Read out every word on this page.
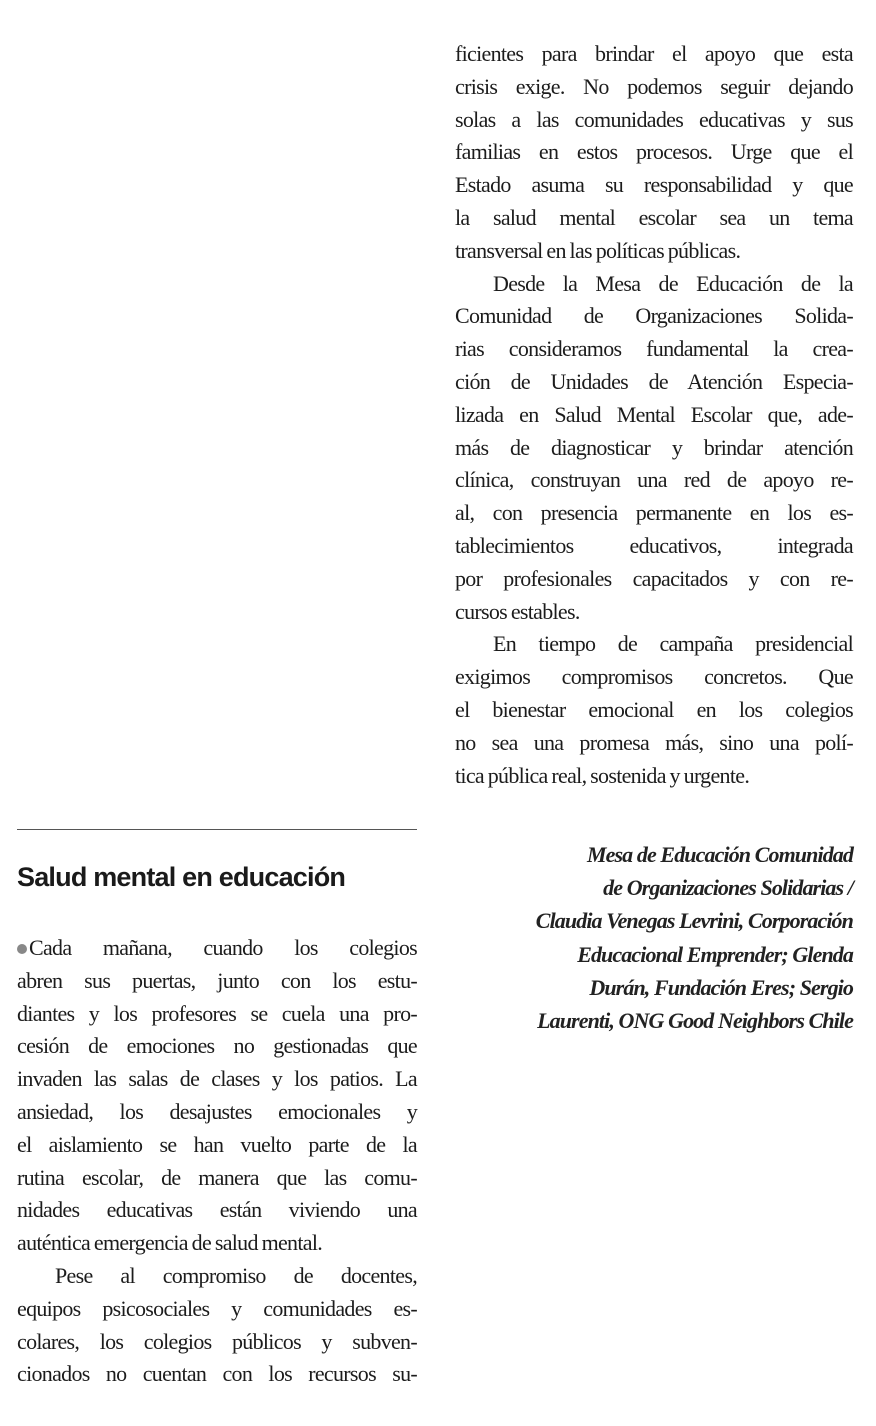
ficientes para brindar el apoyo que esta
crisis exige. No podemos seguir dejando
solas a las comunidades educativas y sus
familias en estos procesos. Urge que el
Estado asuma su responsabilidad y que
la salud mental escolar sea un tema
transversal en las políticas públicas.
Desde la Mesa de Educación de la
Comunidad de Organizaciones Solida-
rias consideramos fundamental la crea-
ción de Unidades de Atención Especia-
lizada en Salud Mental Escolar que, ade-
más de diagnosticar y brindar atención
clínica, construyan una red de apoyo re-
al, con presencia permanente en los es-
tablecimientos educativos, integrada
por profesionales capacitados y con re-
cursos estables.
En tiempo de campaña presidencial
exigimos compromisos concretos. Que
el bienestar emocional en los colegios
no sea una promesa más, sino una polí-
tica pública real, sostenida y urgente.
Salud mental en educación
Mesa de Educación Comunidad
de Organizaciones Solidarias /
Claudia Venegas Levrini, Corporación
Educacional Emprender; Glenda
Durán, Fundación Eres; Sergio
Laurenti, ONG Good Neighbors Chile
Cada mañana, cuando los colegios
abren sus puertas, junto con los estu-
diantes y los profesores se cuela una pro-
cesión de emociones no gestionadas que
invaden las salas de clases y los patios. La
ansiedad, los desajustes emocionales y
el aislamiento se han vuelto parte de la
rutina escolar, de manera que las comu-
nidades educativas están viviendo una
auténtica emergencia de salud mental.
Pese al compromiso de docentes,
equipos psicosociales y comunidades es-
colares, los colegios públicos y subven-
cionados no cuentan con los recursos su-
